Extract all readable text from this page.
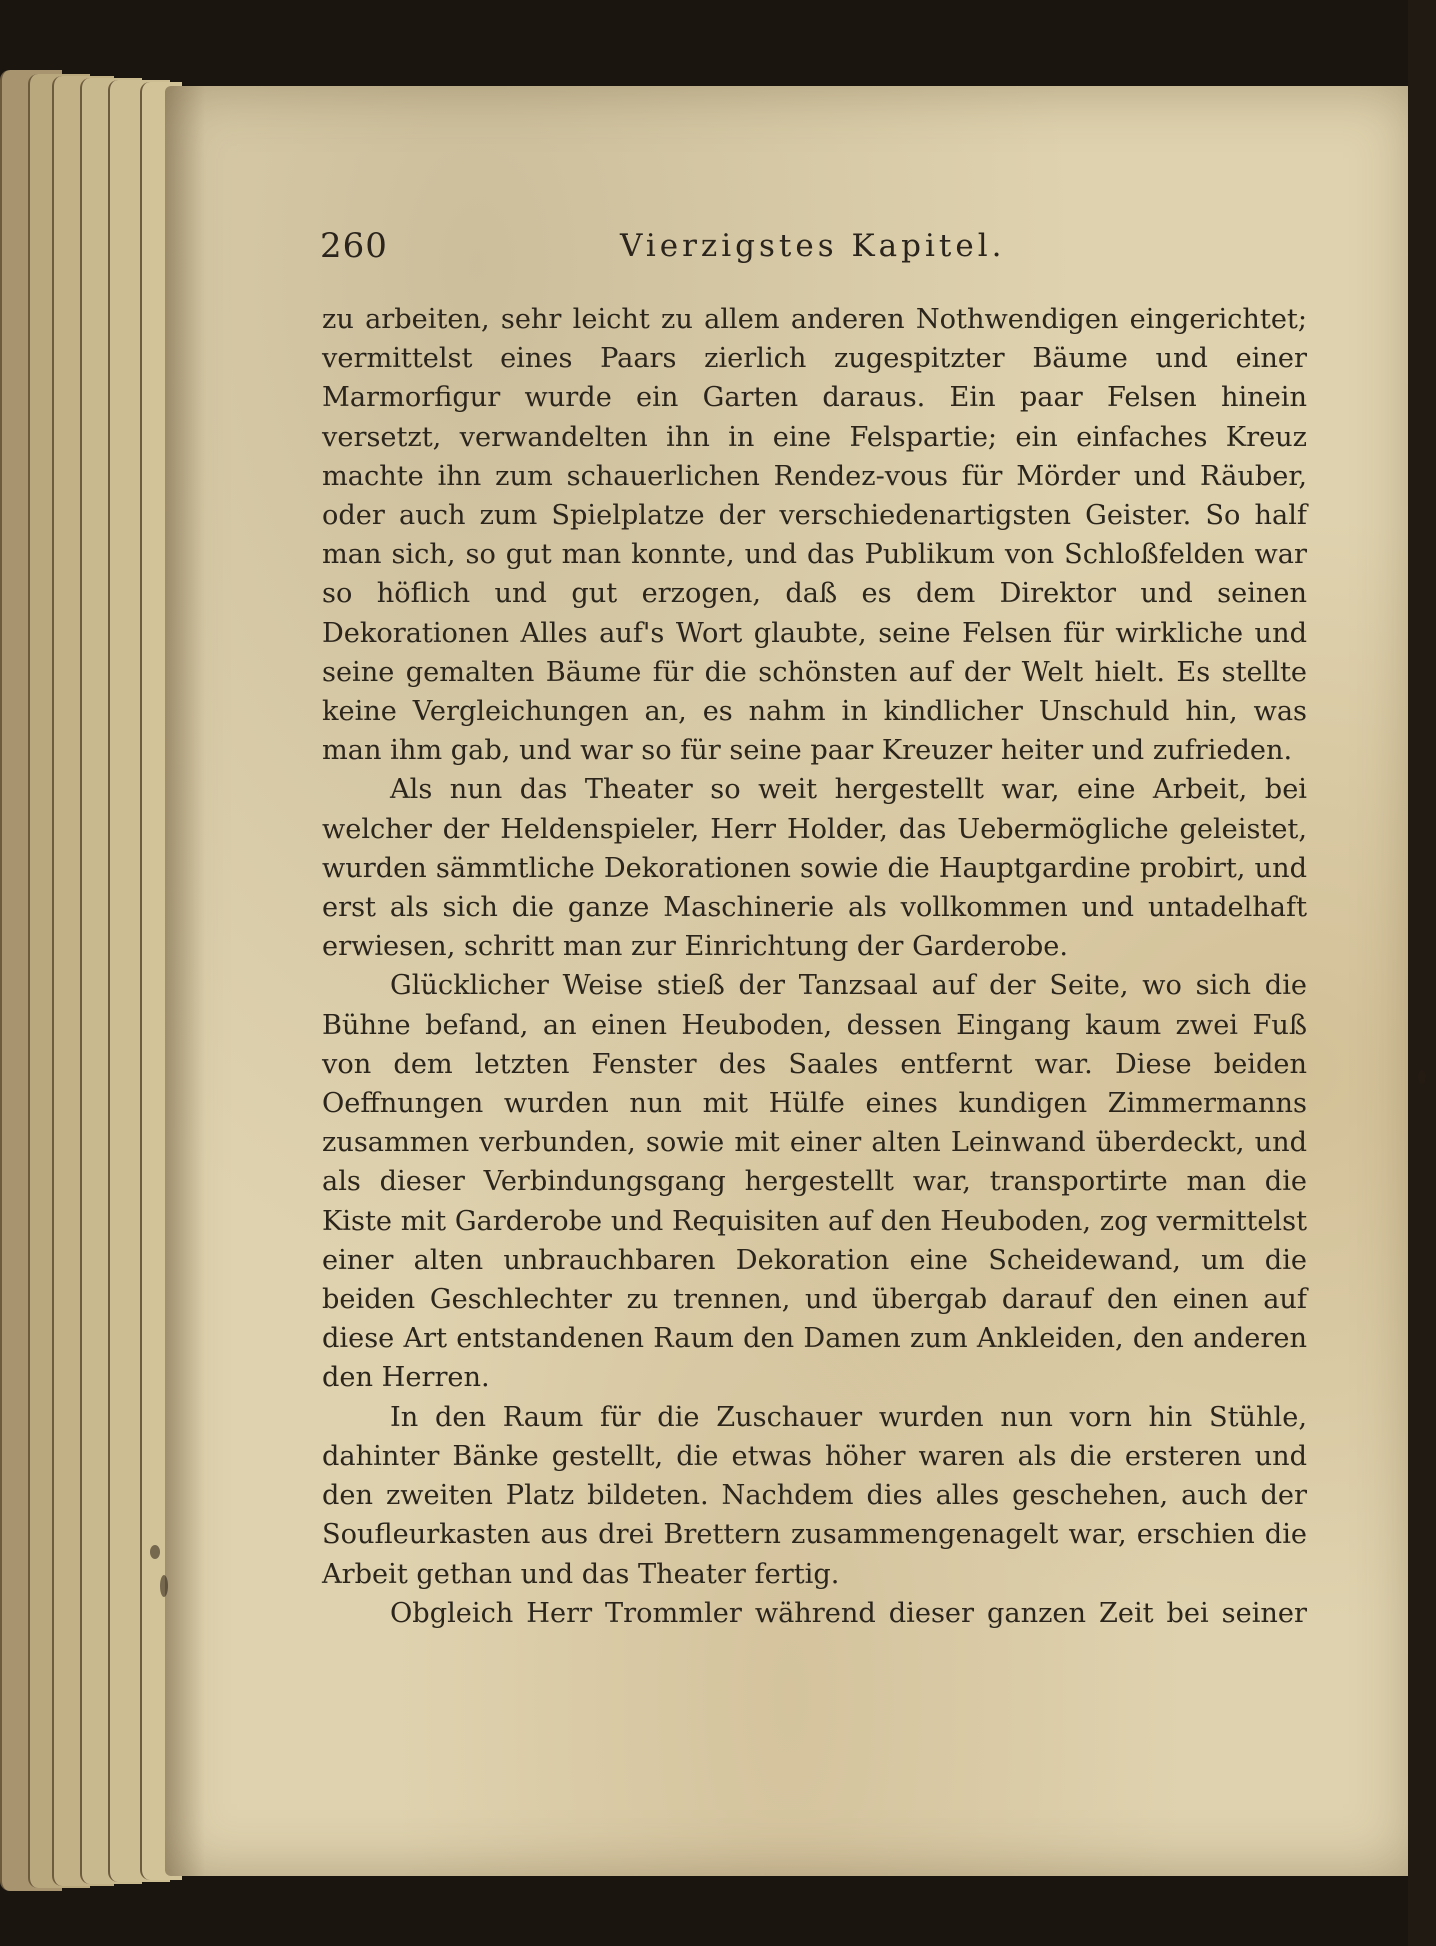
260	Vierzigstes Kapitel.

zu arbeiten, sehr leicht zu allem anderen Nothwendigen eingerichtet; vermittelst eines Paars zierlich zugespitzter Bäume und einer Marmorfigur wurde ein Garten daraus. Ein paar Felsen hinein versetzt, verwandelten ihn in eine Felspartie; ein einfaches Kreuz machte ihn zum schauerlichen Rendez-vous für Mörder und Räuber, oder auch zum Spielplatze der verschiedenartigsten Geister. So half man sich, so gut man konnte, und das Publikum von Schloßfelden war so höflich und gut erzogen, daß es dem Direktor und seinen Dekorationen Alles auf's Wort glaubte, seine Felsen für wirkliche und seine gemalten Bäume für die schönsten auf der Welt hielt. Es stellte keine Vergleichungen an, es nahm in kindlicher Unschuld hin, was man ihm gab, und war so für seine paar Kreuzer heiter und zufrieden.

Als nun das Theater so weit hergestellt war, eine Arbeit, bei welcher der Heldenspieler, Herr Holder, das Uebermögliche geleistet, wurden sämmtliche Dekorationen sowie die Hauptgardine probirt, und erst als sich die ganze Maschinerie als vollkommen und untadelhaft erwiesen, schritt man zur Einrichtung der Garderobe.

Glücklicher Weise stieß der Tanzsaal auf der Seite, wo sich die Bühne befand, an einen Heuboden, dessen Eingang kaum zwei Fuß von dem letzten Fenster des Saales entfernt war. Diese beiden Oeffnungen wurden nun mit Hülfe eines kundigen Zimmermanns zusammen verbunden, sowie mit einer alten Leinwand überdeckt, und als dieser Verbindungsgang hergestellt war, transportirte man die Kiste mit Garderobe und Requisiten auf den Heuboden, zog vermittelst einer alten unbrauchbaren Dekoration eine Scheidewand, um die beiden Geschlechter zu trennen, und übergab darauf den einen auf diese Art entstandenen Raum den Damen zum Ankleiden, den anderen den Herren.

In den Raum für die Zuschauer wurden nun vorn hin Stühle, dahinter Bänke gestellt, die etwas höher waren als die ersteren und den zweiten Platz bildeten. Nachdem dies alles geschehen, auch der Soufleurkasten aus drei Brettern zusammengenagelt war, erschien die Arbeit gethan und das Theater fertig.

Obgleich Herr Trommler während dieser ganzen Zeit bei seiner
